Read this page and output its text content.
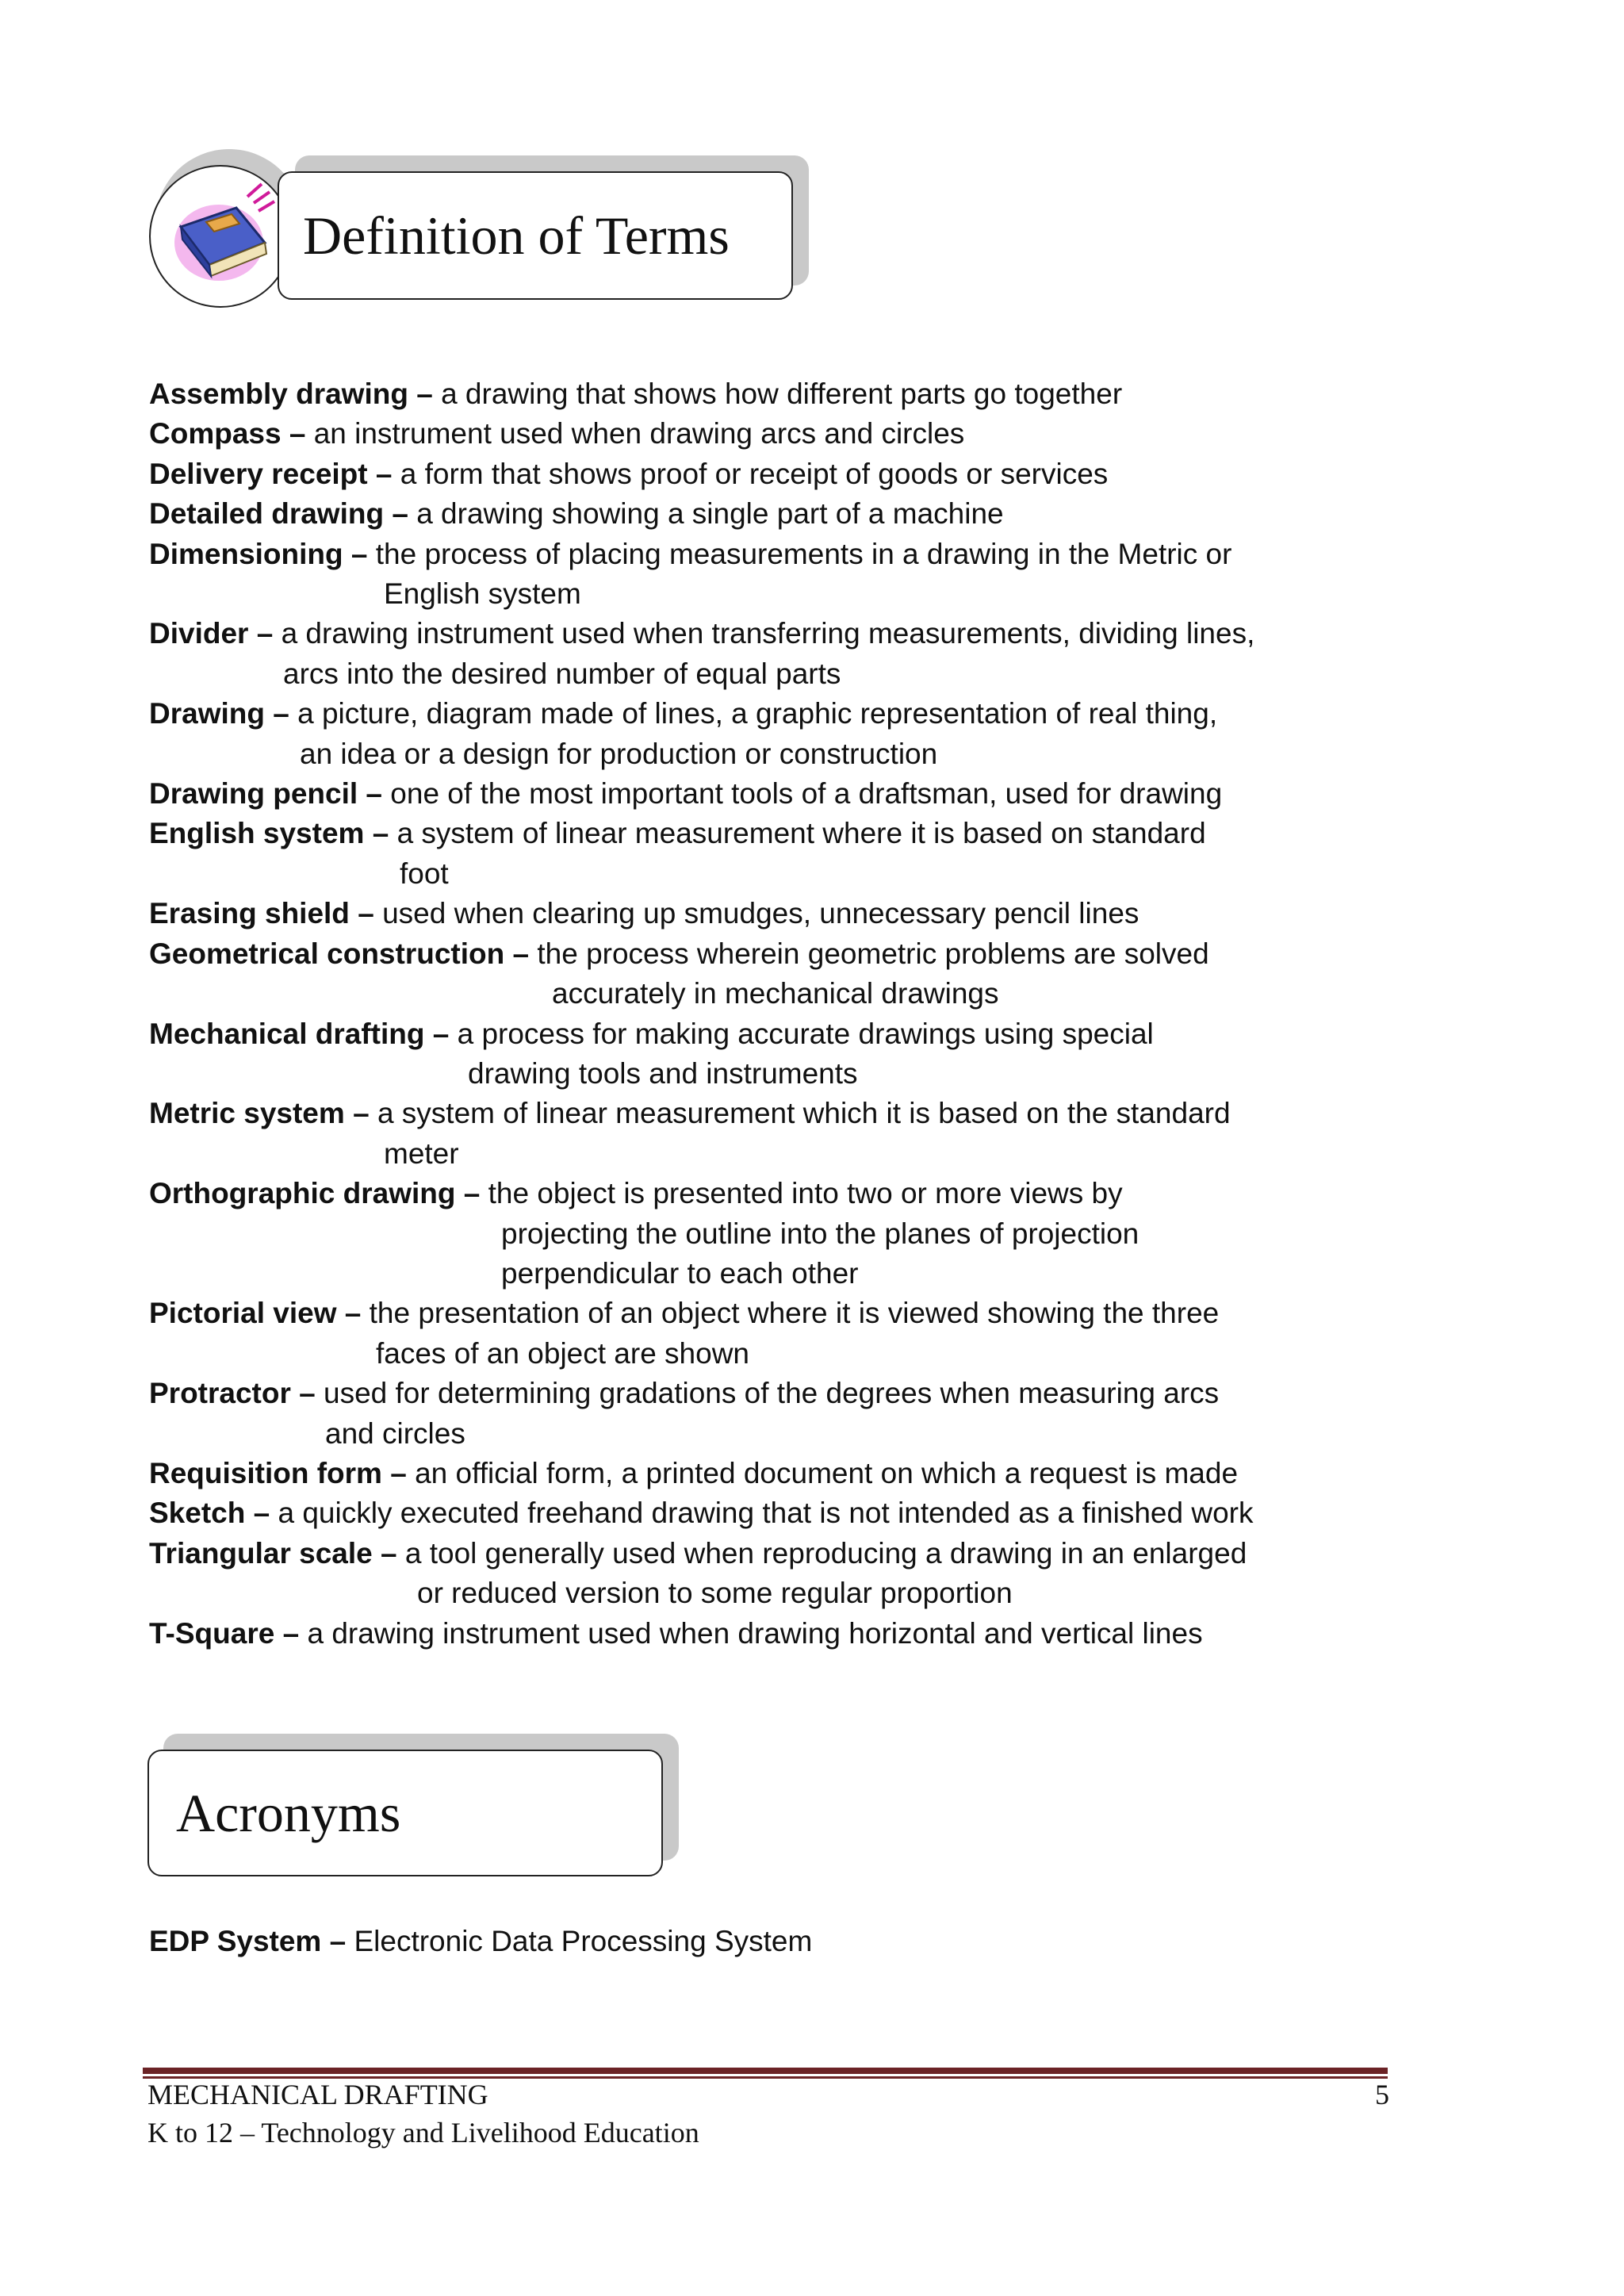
Definition of Terms
Assembly drawing – a drawing that shows how different parts go together
Compass – an instrument used when drawing arcs and circles
Delivery receipt – a form that shows proof or receipt of goods or services
Detailed drawing – a drawing showing a single part of a machine
Dimensioning – the process of placing measurements in a drawing in the Metric or
English system
Divider – a drawing instrument used when transferring measurements, dividing lines,
arcs into the desired number of equal parts
Drawing – a picture, diagram made of lines, a graphic representation of real thing,
an idea or a design for production or construction
Drawing pencil – one of the most important tools of a draftsman, used for drawing
English system – a system of linear measurement where it is based on standard
foot
Erasing shield – used when clearing up smudges, unnecessary pencil lines
Geometrical construction – the process wherein geometric problems are solved
accurately in mechanical drawings
Mechanical drafting – a process for making accurate drawings using special
drawing tools and instruments
Metric system – a system of linear measurement which it is based on the standard
meter
Orthographic drawing – the object is presented into two or more views by
projecting the outline into the planes of projection
perpendicular to each other
Pictorial view – the presentation of an object where it is viewed showing the three
faces of an object are shown
Protractor – used for determining gradations of the degrees when measuring arcs
and circles
Requisition form – an official form, a printed document on which a request is made
Sketch – a quickly executed freehand drawing that is not intended as a finished work
Triangular scale – a tool generally used when reproducing a drawing in an enlarged
or reduced version to some regular proportion
T-Square – a drawing instrument used when drawing horizontal and vertical lines
Acronyms
EDP System – Electronic Data Processing System
MECHANICAL DRAFTING
K to 12 – Technology and Livelihood Education
5
